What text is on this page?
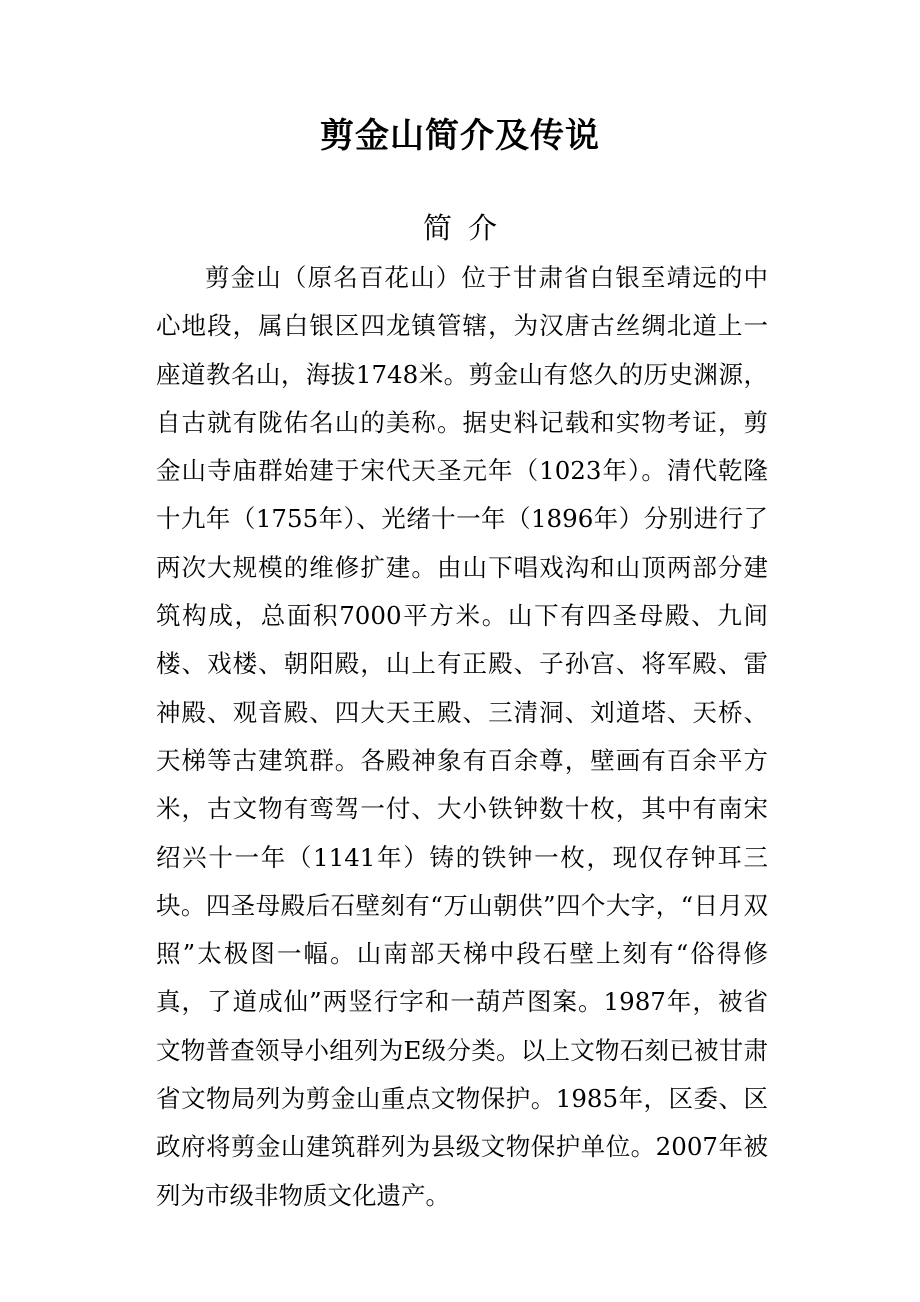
剪金山简介及传说
简介

剪金山（原名百花山）位于甘肃省白银至靖远的中心地段，属白银区四龙镇管辖，为汉唐古丝绸北道上一座道教名山，海拔1748米。剪金山有悠久的历史渊源，自古就有陇佑名山的美称。据史料记载和实物考证，剪金山寺庙群始建于宋代天圣元年（1023年）。清代乾隆十九年（1755年）、光绪十一年（1896年）分别进行了两次大规模的维修扩建。由山下唱戏沟和山顶两部分建筑构成，总面积7000平方米。山下有四圣母殿、九间楼、戏楼、朝阳殿，山上有正殿、子孙宫、将军殿、雷神殿、观音殿、四大天王殿、三清洞、刘道塔、天桥、天梯等古建筑群。各殿神象有百余尊，壁画有百余平方米，古文物有鸾驾一付、大小铁钟数十枚，其中有南宋绍兴十一年（1141年）铸的铁钟一枚，现仅存钟耳三块。四圣母殿后石壁刻有“万山朝供”四个大字，“日月双照”太极图一幅。山南部天梯中段石壁上刻有“俗得修真，了道成仙”两竖行字和一葫芦图案。1987年，被省文物普查领导小组列为E级分类。以上文物石刻已被甘肃省文物局列为剪金山重点文物保护。1985年，区委、区政府将剪金山建筑群列为县级文物保护单位。2007年被列为市级非物质文化遗产。
